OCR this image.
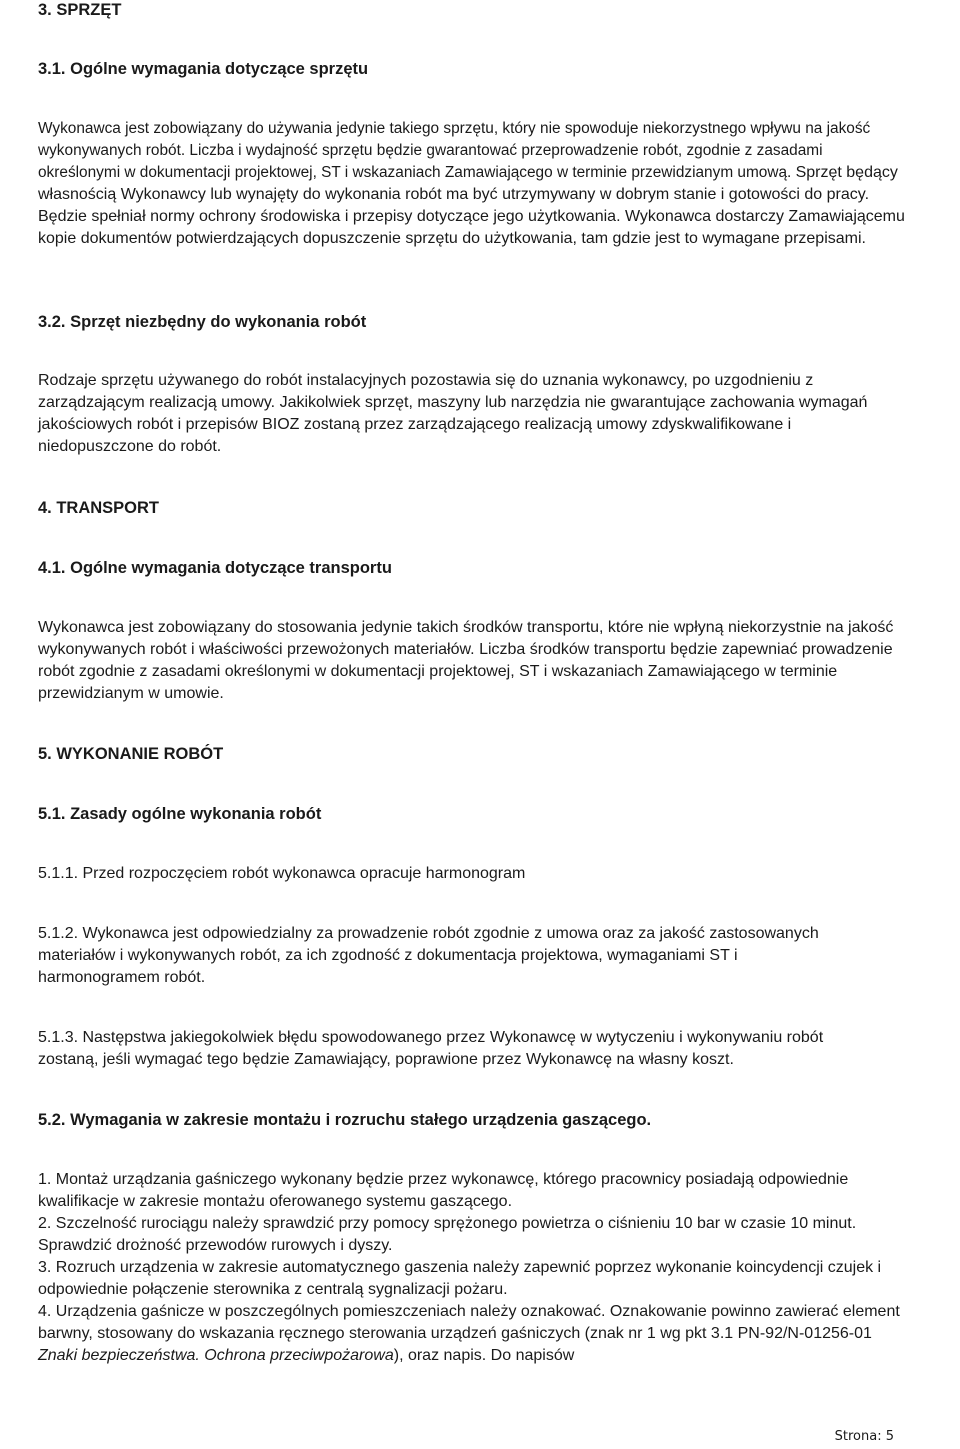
3. SPRZĘT

3.1. Ogólne wymagania dotyczące sprzętu

Wykonawca jest zobowiązany do używania jedynie takiego sprzętu, który nie spowoduje niekorzystnego wpływu na jakość wykonywanych robót. Liczba i wydajność sprzętu będzie gwarantować przeprowadzenie robót, zgodnie z zasadami określonymi w dokumentacji projektowej, ST i wskazaniach Zamawiającego w terminie przewidzianym umową. Sprzęt będący własnością Wykonawcy lub wynajęty do wykonania robót ma być utrzymywany w dobrym stanie i gotowości do pracy. Będzie spełniał normy ochrony środowiska i przepisy dotyczące jego użytkowania. Wykonawca dostarczy Zamawiającemu kopie dokumentów potwierdzających dopuszczenie sprzętu do użytkowania, tam gdzie jest to wymagane przepisami.

3.2. Sprzęt niezbędny do wykonania robót

Rodzaje sprzętu używanego do robót instalacyjnych pozostawia się do uznania wykonawcy, po uzgodnieniu z zarządzającym realizacją umowy. Jakikolwiek sprzęt, maszyny lub narzędzia nie gwarantujące zachowania wymagań jakościowych robót i przepisów BIOZ zostaną przez zarządzającego realizacją umowy zdyskwalifikowane i niedopuszczone do robót.

4. TRANSPORT

4.1. Ogólne wymagania dotyczące transportu

Wykonawca jest zobowiązany do stosowania jedynie takich środków transportu, które nie wpłyną niekorzystnie na jakość wykonywanych robót i właściwości przewożonych materiałów. Liczba środków transportu będzie zapewniać prowadzenie robót zgodnie z zasadami określonymi w dokumentacji projektowej, ST i wskazaniach Zamawiającego w terminie przewidzianym w umowie.

5. WYKONANIE ROBÓT

5.1. Zasady ogólne wykonania robót

5.1.1. Przed rozpoczęciem robót wykonawca opracuje harmonogram

5.1.2. Wykonawca jest odpowiedzialny za prowadzenie robót zgodnie z umowa oraz za jakość zastosowanych materiałów i wykonywanych robót, za ich zgodność z dokumentacja projektowa, wymaganiami ST i harmonogramem robót.

5.1.3. Następstwa jakiegokolwiek błędu spowodowanego przez Wykonawcę w wytyczeniu i wykonywaniu robót zostaną, jeśli wymagać tego będzie Zamawiający, poprawione przez Wykonawcę na własny koszt.

5.2. Wymagania w zakresie montażu i rozruchu stałego urządzenia gaszącego.

1. Montaż urządzania gaśniczego wykonany będzie przez wykonawcę, którego pracownicy posiadają odpowiednie kwalifikacje w zakresie montażu oferowanego systemu gaszącego.

2. Szczelność rurociągu należy sprawdzić przy pomocy sprężonego powietrza o ciśnieniu 10 bar w czasie 10 minut. Sprawdzić drożność przewodów rurowych i dyszy.

3. Rozruch urządzenia w zakresie automatycznego gaszenia należy zapewnić poprzez wykonanie koincydencji czujek i odpowiednie połączenie sterownika z centralą sygnalizacji pożaru.

4. Urządzenia gaśnicze w poszczególnych pomieszczeniach należy oznakować. Oznakowanie powinno zawierać element barwny, stosowany do wskazania ręcznego sterowania urządzeń gaśniczych (znak nr 1 wg pkt 3.1 PN-92/N-01256-01 Znaki bezpieczeństwa. Ochrona przeciwpożarowa), oraz napis. Do napisów

Strona: 5
